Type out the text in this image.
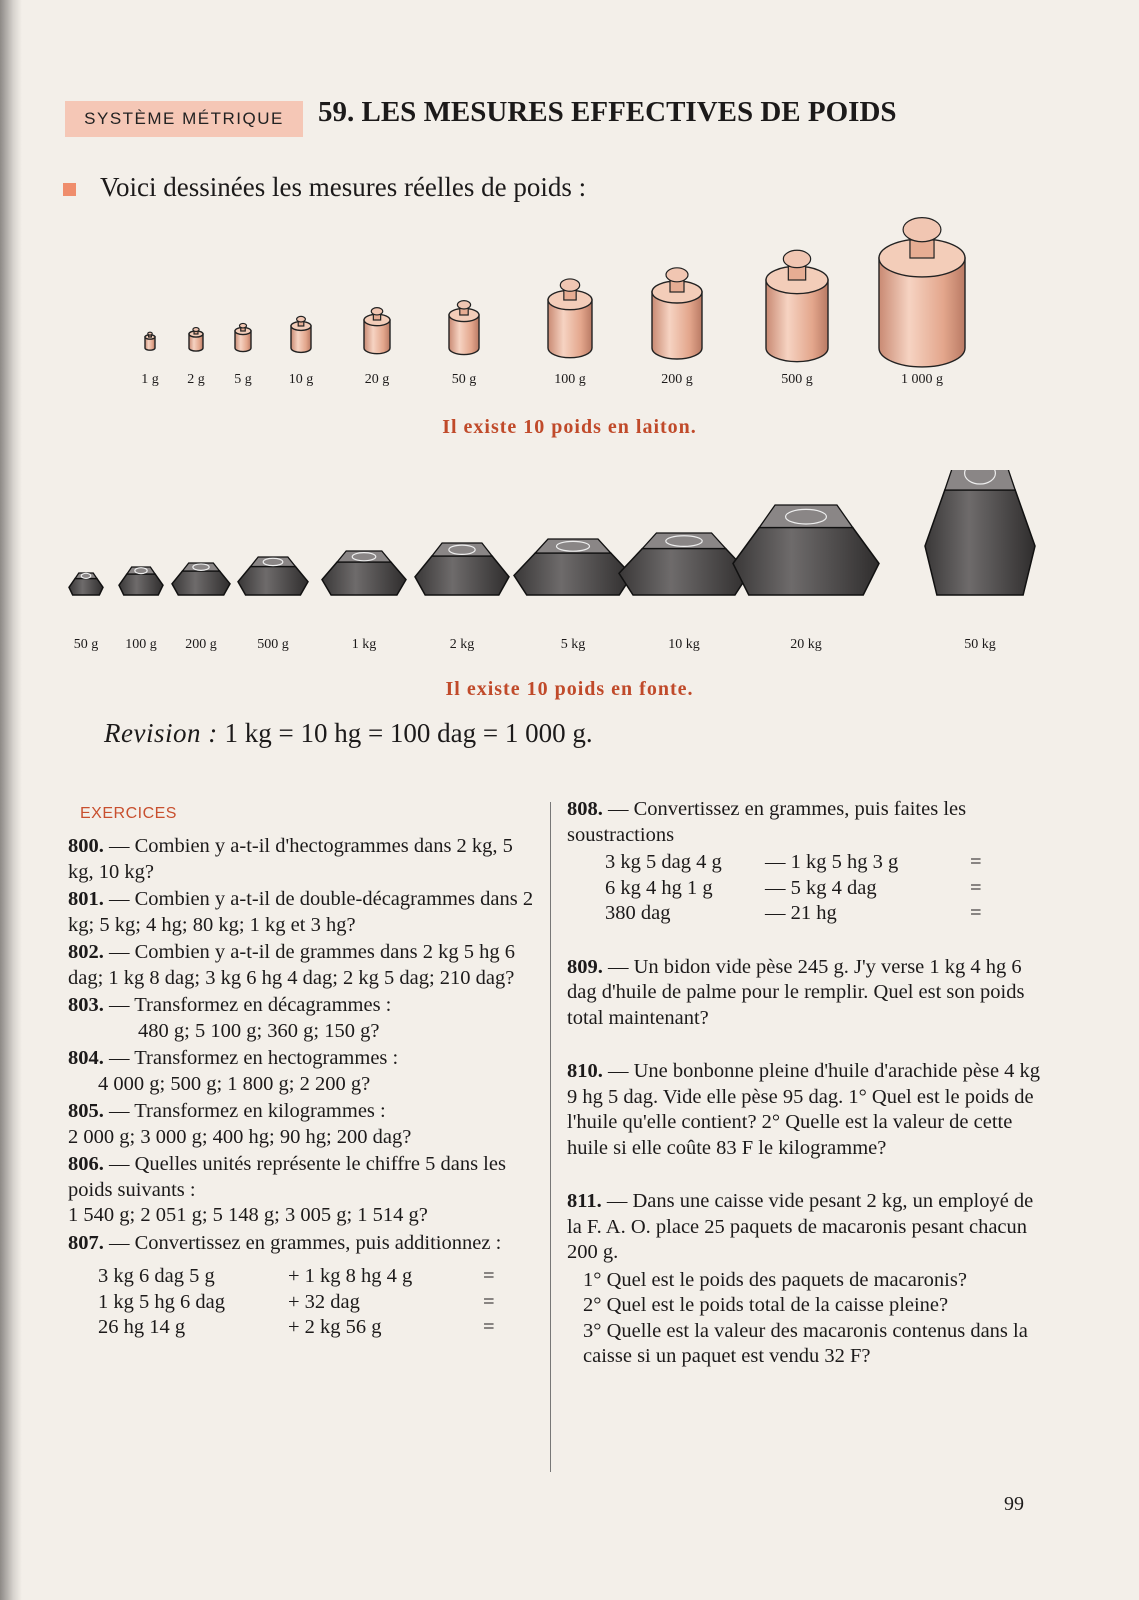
SYSTÈME MÉTRIQUE	59. LES MESURES EFFECTIVES DE POIDS
Voici dessinées les mesures réelles de poids :
1 g	2 g	5 g	10 g	20 g	50 g	100 g	200 g	500 g	1 000 g
Il existe 10 poids en laiton.
50 g	100 g	200 g	500 g	1 kg	2 kg	5 kg	10 kg	20 kg	50 kg
Il existe 10 poids en fonte.
Revision : 1 kg = 10 hg = 100 dag = 1 000 g.
EXERCICES
800. — Combien y a-t-il d'hectogrammes dans 2 kg, 5 kg, 10 kg?
801. — Combien y a-t-il de double-décagrammes dans 2 kg; 5 kg; 4 hg; 80 kg; 1 kg et 3 hg?
802. — Combien y a-t-il de grammes dans 2 kg 5 hg 6 dag; 1 kg 8 dag; 3 kg 6 hg 4 dag; 2 kg 5 dag; 210 dag?
803. — Transformez en décagrammes :
480 g; 5 100 g; 360 g; 150 g?
804. — Transformez en hectogrammes :
4 000 g; 500 g; 1 800 g; 2 200 g?
805. — Transformez en kilogrammes :
2 000 g; 3 000 g; 400 hg; 90 hg; 200 dag?
806. — Quelles unités représente le chiffre 5 dans les poids suivants :
1 540 g; 2 051 g; 5 148 g; 3 005 g; 1 514 g?
807. — Convertissez en grammes, puis additionnez :
3 kg 6 dag 5 g	+ 1 kg 8 hg 4 g	=
1 kg 5 hg 6 dag	+ 32 dag	=
26 hg 14 g	+ 2 kg 56 g	=
808. — Convertissez en grammes, puis faites les soustractions
3 kg 5 dag 4 g	— 1 kg 5 hg 3 g	=
6 kg 4 hg 1 g	— 5 kg 4 dag	=
380 dag	— 21 hg	=
809. — Un bidon vide pèse 245 g. J'y verse 1 kg 4 hg 6 dag d'huile de palme pour le remplir. Quel est son poids total maintenant?
810. — Une bonbonne pleine d'huile d'arachide pèse 4 kg 9 hg 5 dag. Vide elle pèse 95 dag. 1° Quel est le poids de l'huile qu'elle contient? 2° Quelle est la valeur de cette huile si elle coûte 83 F le kilogramme?
811. — Dans une caisse vide pesant 2 kg, un employé de la F. A. O. place 25 paquets de macaronis pesant chacun 200 g.
1° Quel est le poids des paquets de macaronis?
2° Quel est le poids total de la caisse pleine?
3° Quelle est la valeur des macaronis contenus dans la caisse si un paquet est vendu 32 F?
99
